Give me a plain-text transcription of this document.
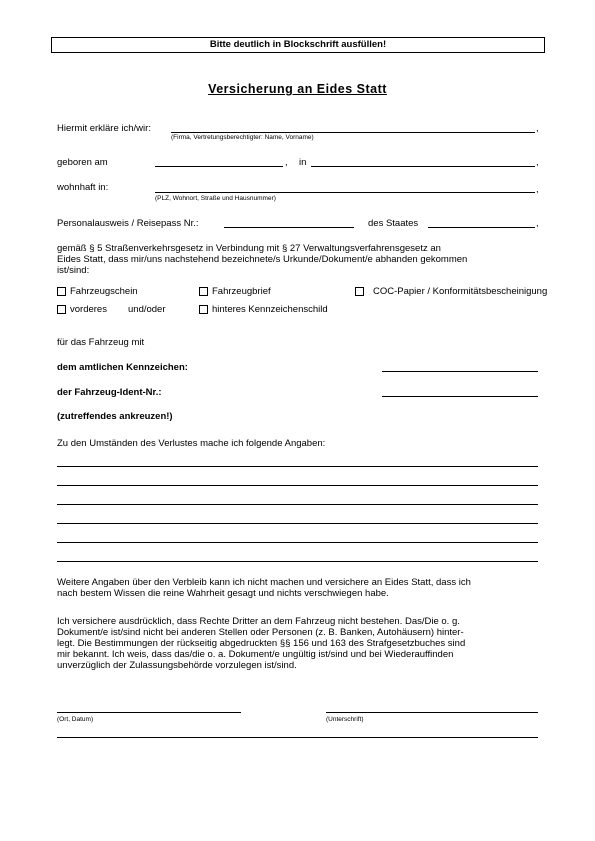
Bitte deutlich in Blockschrift ausfüllen!
Versicherung an Eides Statt
Hiermit erkläre ich/wir:	,
(Firma, Vertretungsberechtigter: Name, Vorname)
geboren am	, in	,
wohnhaft in:	,
(PLZ, Wohnort, Straße und Hausnummer)
Personalausweis / Reisepass Nr.:	des Staates	,
gemäß § 5 Straßenverkehrsgesetz in Verbindung mit § 27 Verwaltungsverfahrensgesetz an
Eides Statt, dass mir/uns nachstehend bezeichnete/s Urkunde/Dokument/e abhanden gekommen
ist/sind:
Fahrzeugschein	Fahrzeugbrief	COC-Papier / Konformitätsbescheinigung
vorderes und/oder	hinteres Kennzeichenschild
für das Fahrzeug mit
dem amtlichen Kennzeichen:
der Fahrzeug-Ident-Nr.:
(zutreffendes ankreuzen!)
Zu den Umständen des Verlustes mache ich folgende Angaben:
Weitere Angaben über den Verbleib kann ich nicht machen und versichere an Eides Statt, dass ich
nach bestem Wissen die reine Wahrheit gesagt und nichts verschwiegen habe.
Ich versichere ausdrücklich, dass Rechte Dritter an dem Fahrzeug nicht bestehen. Das/Die o. g.
Dokument/e ist/sind nicht bei anderen Stellen oder Personen (z. B. Banken, Autohäusern) hinter-
legt. Die Bestimmungen der rückseitig abgedruckten §§ 156 und 163 des Strafgesetzbuches sind
mir bekannt. Ich weis, dass das/die o. a. Dokument/e ungültig ist/sind und bei Wiederauffinden
unverzüglich der Zulassungsbehörde vorzulegen ist/sind.
(Ort, Datum)	(Unterschrift)
